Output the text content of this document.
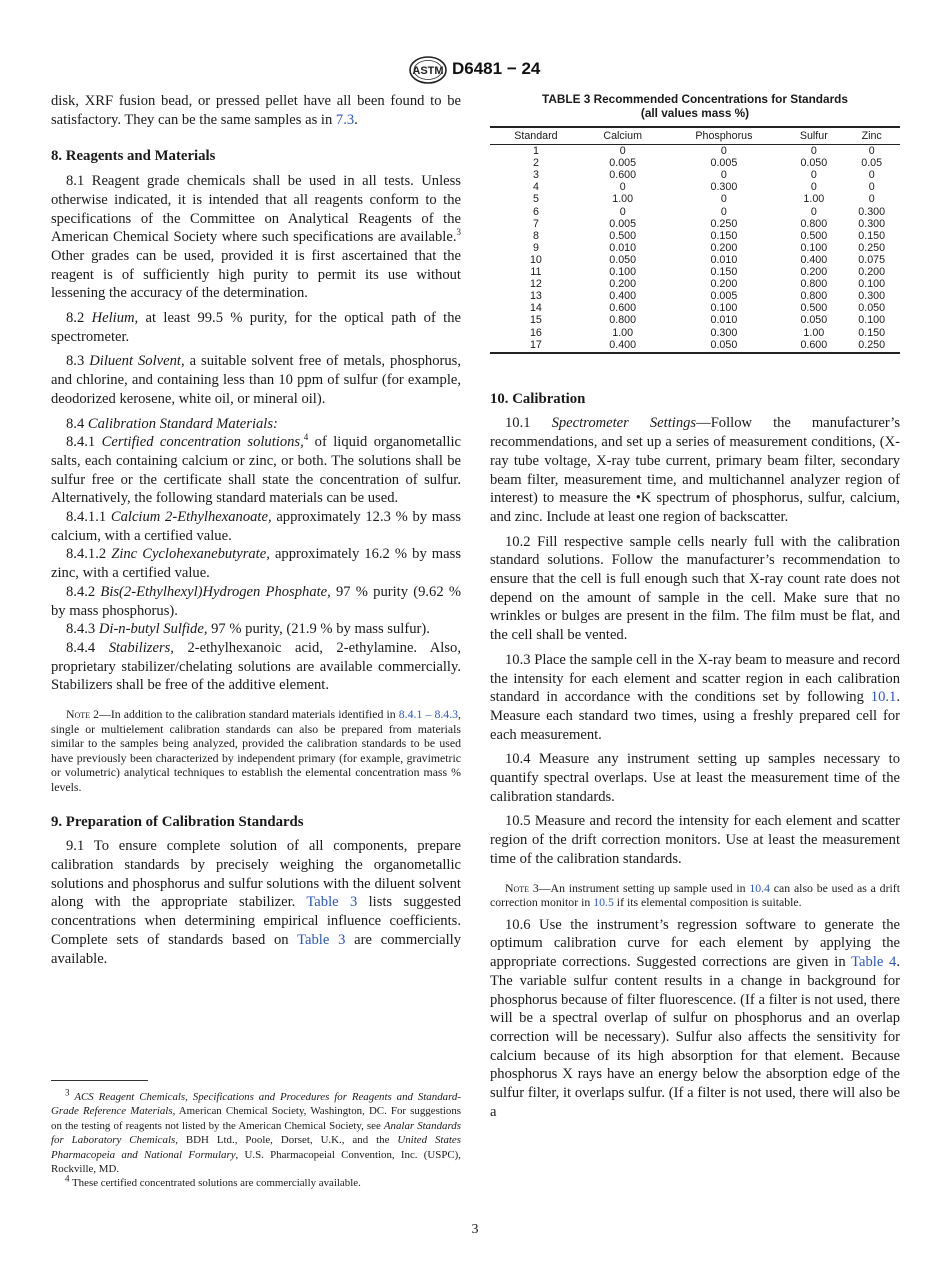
ASTM D6481 − 24

disk, XRF fusion bead, or pressed pellet have all been found to be satisfactory. They can be the same samples as in 7.3.

8. Reagents and Materials

8.1 Reagent grade chemicals shall be used in all tests. Unless otherwise indicated, it is intended that all reagents conform to the specifications of the Committee on Analytical Reagents of the American Chemical Society where such specifications are available.$^3$ Other grades can be used, provided it is first ascertained that the reagent is of sufficiently high purity to permit its use without lessening the accuracy of the determination.

8.2 Helium, at least 99.5 % purity, for the optical path of the spectrometer.

8.3 Diluent Solvent, a suitable solvent free of metals, phosphorus, and chlorine, and containing less than 10 ppm of sulfur (for example, deodorized kerosene, white oil, or mineral oil).

8.4 Calibration Standard Materials:

8.4.1 Certified concentration solutions,$^4$ of liquid organometallic salts, each containing calcium or zinc, or both. The solutions shall be sulfur free or the certificate shall state the concentration of sulfur. Alternatively, the following standard materials can be used.

8.4.1.1 Calcium 2-Ethylhexanoate, approximately 12.3 % by mass calcium, with a certified value.

8.4.1.2 Zinc Cyclohexanebutyrate, approximately 16.2 % by mass zinc, with a certified value.

8.4.2 Bis(2-Ethylhexyl)Hydrogen Phosphate, 97 % purity (9.62 % by mass phosphorus).

8.4.3 Di-n-butyl Sulfide, 97 % purity, (21.9 % by mass sulfur).

8.4.4 Stabilizers, 2-ethylhexanoic acid, 2-ethylamine. Also, proprietary stabilizer/chelating solutions are available commercially. Stabilizers shall be free of the additive element.

Note 2—In addition to the calibration standard materials identified in 8.4.1 – 8.4.3, single or multielement calibration standards can also be prepared from materials similar to the samples being analyzed, provided the calibration standards to be used have previously been characterized by independent primary (for example, gravimetric or volumetric) analytical techniques to establish the elemental concentration mass % levels.

9. Preparation of Calibration Standards

9.1 To ensure complete solution of all components, prepare calibration standards by precisely weighing the organometallic solutions and phosphorus and sulfur solutions with the diluent solvent along with the appropriate stabilizer. Table 3 lists suggested concentrations when determining empirical influence coefficients. Complete sets of standards based on Table 3 are commercially available.

$^3$ ACS Reagent Chemicals, Specifications and Procedures for Reagents and Standard-Grade Reference Materials, American Chemical Society, Washington, DC. For suggestions on the testing of reagents not listed by the American Chemical Society, see Analar Standards for Laboratory Chemicals, BDH Ltd., Poole, Dorset, U.K., and the United States Pharmacopeia and National Formulary, U.S. Pharmacopeial Convention, Inc. (USPC), Rockville, MD.

$^4$ These certified concentrated solutions are commercially available.

TABLE 3 Recommended Concentrations for Standards
(all values mass %)
Standard	Calcium	Phosphorus	Sulfur	Zinc
1	0	0	0	0
2	0.005	0.005	0.050	0.05
3	0.600	0	0	0
4	0	0.300	0	0
5	1.00	0	1.00	0
6	0	0	0	0.300
7	0.005	0.250	0.800	0.300
8	0.500	0.150	0.500	0.150
9	0.010	0.200	0.100	0.250
10	0.050	0.010	0.400	0.075
11	0.100	0.150	0.200	0.200
12	0.200	0.200	0.800	0.100
13	0.400	0.005	0.800	0.300
14	0.600	0.100	0.500	0.050
15	0.800	0.010	0.050	0.100
16	1.00	0.300	1.00	0.150
17	0.400	0.050	0.600	0.250
10. Calibration

10.1 Spectrometer Settings—Follow the manufacturer’s recommendations, and set up a series of measurement conditions, (X-ray tube voltage, X-ray tube current, primary beam filter, secondary beam filter, measurement time, and multichannel analyzer region of interest) to measure the •K spectrum of phosphorus, sulfur, calcium, and zinc. Include at least one region of backscatter.

10.2 Fill respective sample cells nearly full with the calibration standard solutions. Follow the manufacturer’s recommendation to ensure that the cell is full enough such that X-ray count rate does not depend on the amount of sample in the cell. Make sure that no wrinkles or bulges are present in the film. The film must be flat, and the cell shall be vented.

10.3 Place the sample cell in the X-ray beam to measure and record the intensity for each element and scatter region in each calibration standard in accordance with the conditions set by following 10.1. Measure each standard two times, using a freshly prepared cell for each measurement.

10.4 Measure any instrument setting up samples necessary to quantify spectral overlaps. Use at least the measurement time of the calibration standards.

10.5 Measure and record the intensity for each element and scatter region of the drift correction monitors. Use at least the measurement time of the calibration standards.

Note 3—An instrument setting up sample used in 10.4 can also be used as a drift correction monitor in 10.5 if its elemental composition is suitable.

10.6 Use the instrument’s regression software to generate the optimum calibration curve for each element by applying the appropriate corrections. Suggested corrections are given in Table 4. The variable sulfur content results in a change in background for phosphorus because of filter fluorescence. (If a filter is not used, there will be a spectral overlap of sulfur on phosphorus and an overlap correction will be necessary). Sulfur also affects the sensitivity for calcium because of its high absorption for that element. Because phosphorus X rays have an energy below the absorption edge of the sulfur filter, it overlaps sulfur. (If a filter is not used, there will also be a

3
